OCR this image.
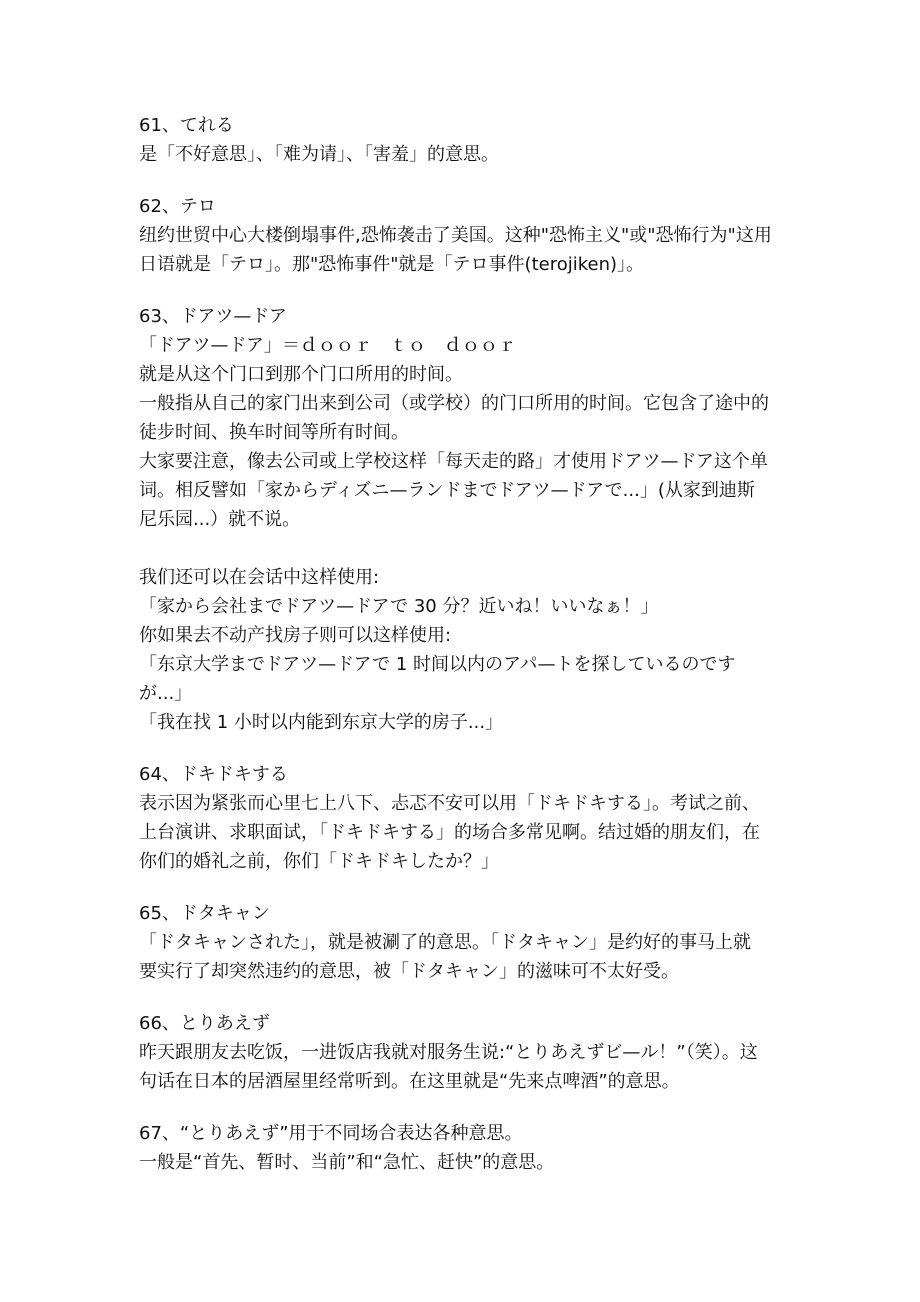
61、てれる
是「不好意思」、「难为请」、「害羞」的意思。
62、テロ
纽约世贸中心大楼倒塌事件,恐怖袭击了美国。这种"恐怖主义"或"恐怖行为"这用
日语就是「テロ」。那"恐怖事件"就是「テロ事件(terojiken)」。
63、ドアツ—ドア
「ドアツ—ドア」＝ｄｏｏｒ　ｔｏ　ｄｏｏｒ
就是从这个门口到那个门口所用的时间。
一般指从自己的家门出来到公司（或学校）的门口所用的时间。它包含了途中的
徒步时间、换车时间等所有时间。
大家要注意，像去公司或上学校这样「每天走的路」才使用ドアツ—ドア这个单
词。相反譬如「家からディズニ—ランドまでドアツ—ドアで...」(从家到迪斯
尼乐园...）就不说。
我们还可以在会话中这样使用:
「家から会社までドアツ—ドアで 30 分？近いね！いいなぁ！」
你如果去不动产找房子则可以这样使用:
「东京大学までドアツ—ドアで 1 时间以内のアパ—トを探しているのです
が...」
「我在找 1 小时以内能到东京大学的房子...」
64、ドキドキする
表示因为紧张而心里七上八下、忐忑不安可以用「ドキドキする」。考试之前、
上台演讲、求职面试，「ドキドキする」的场合多常见啊。结过婚的朋友们，在
你们的婚礼之前，你们「ドキドキしたか？」
65、ドタキャン
「ドタキャンされた」，就是被涮了的意思。「ドタキャン」是约好的事马上就
要实行了却突然违约的意思，被「ドタキャン」的滋味可不太好受。
66、とりあえず
昨天跟朋友去吃饭，一进饭店我就对服务生说:“とりあえずビ—ル！”（笑）。这
句话在日本的居酒屋里经常听到。在这里就是“先来点啤酒”的意思。
67、“とりあえず”用于不同场合表达各种意思。
一般是“首先、暂时、当前”和“急忙、赶快”的意思。
